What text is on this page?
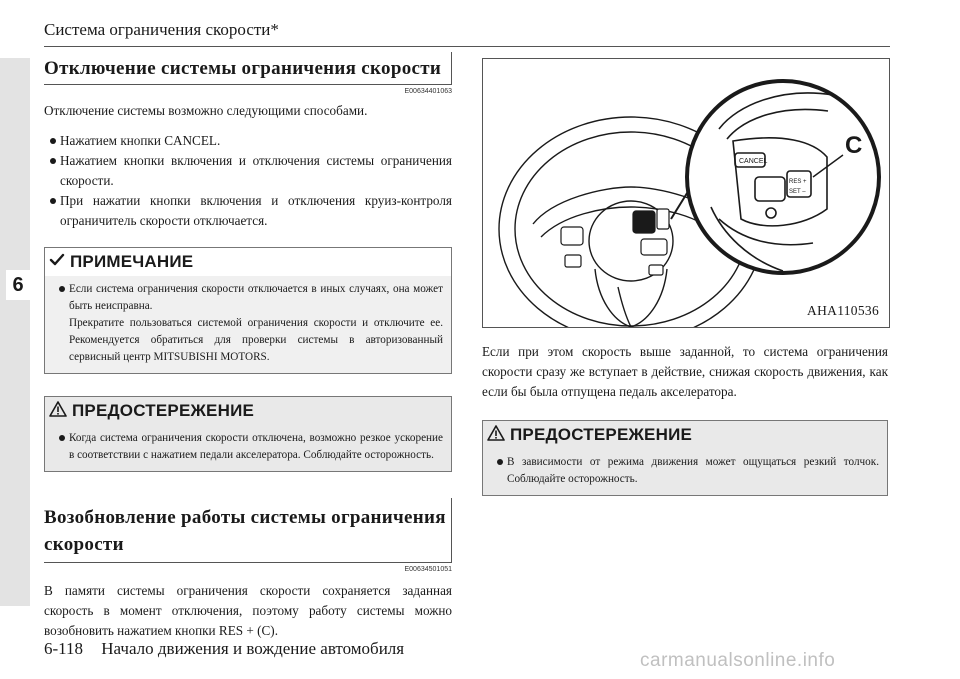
6
Система ограничения скорости*
Отключение системы ограничения скорости
E00634401063

Отключение системы возможно следующими способами.

Нажатием кнопки CANCEL.
Нажатием кнопки включения и отключения системы ограничения скорости.
При нажатии кнопки включения и отключения круиз-контроля ограничитель скорости отключается.
ПРИМЕЧАНИЕ
Если система ограничения скорости отключается в иных случаях, она может быть неисправна.
Прекратите пользоваться системой ограничения скорости и отключите ее. Рекомендуется обратиться для проверки системы в авторизованный сервисный центр MITSUBISHI MOTORS.
ПРЕДОСТЕРЕЖЕНИЕ
Когда система ограничения скорости отключена, возможно резкое ускорение в соответствии с нажатием педали акселератора. Соблюдайте осторожность.
Возобновление работы системы ограничения скорости
E00634501051

В памяти системы ограничения скорости сохраняется заданная скорость в момент отключения, поэтому работу системы можно возобновить нажатием кнопки RES + (C).

CANCEL
RES +
SET –
C
AHA110536

Если при этом скорость выше заданной, то система ограничения скорости сразу же вступает в действие, снижая скорость движения, как если бы была отпущена педаль акселератора.

ПРЕДОСТЕРЕЖЕНИЕ
В зависимости от режима движения может ощущаться резкий толчок. Соблюдайте осторожность.
6-118 Начало движения и вождение автомобиля
carmanualsonline.info
